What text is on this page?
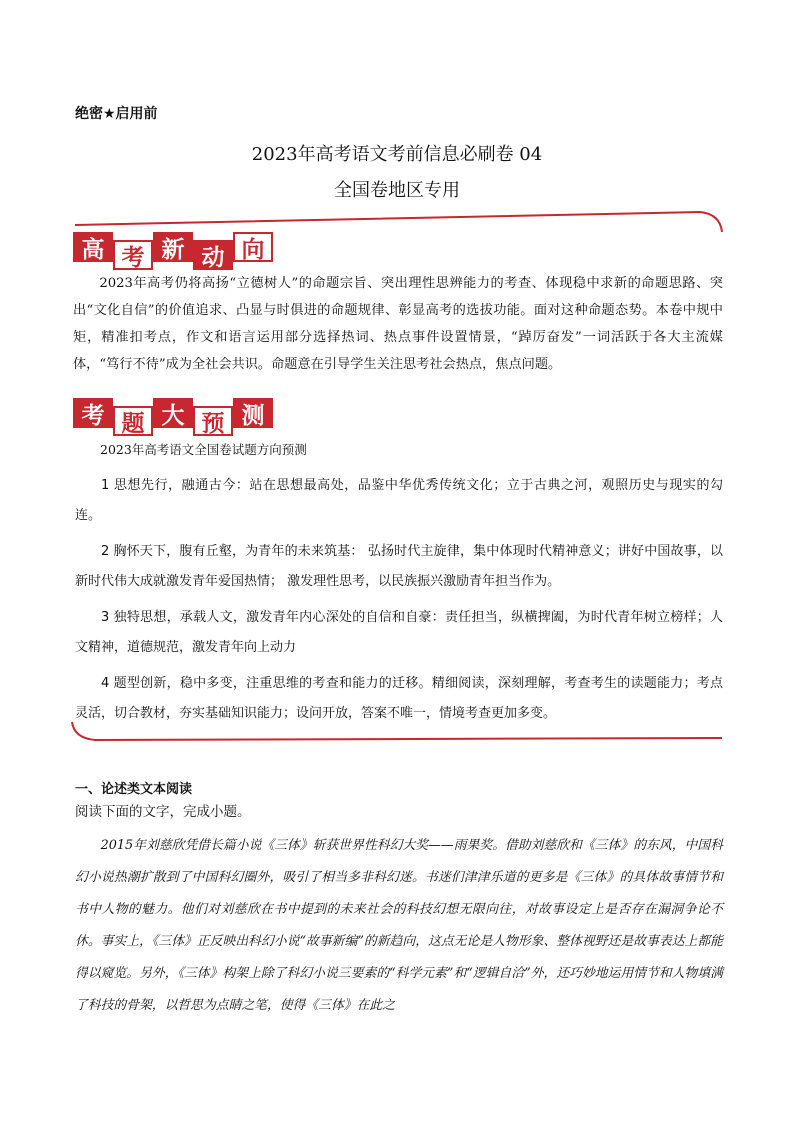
绝密★启用前
2023年高考语文考前信息必刷卷 04
全国卷地区专用
高 考 新 动 向

2023年高考仍将高扬“立德树人”的命题宗旨、突出理性思辨能力的考查、体现稳中求新的命题思路、突出“文化自信”的价值追求、凸显与时俱进的命题规律、彰显高考的选拔功能。面对这种命题态势。本卷中规中矩，精准扣考点，作文和语言运用部分选择热词、热点事件设置情景，“踔厉奋发”一词活跃于各大主流媒体，“笃行不待”成为全社会共识。命题意在引导学生关注思考社会热点，焦点问题。

考 题 大 预 测
2023年高考语文全国卷试题方向预测

1 思想先行，融通古今：站在思想最高处，品鉴中华优秀传统文化；立于古典之河，观照历史与现实的勾连。

2 胸怀天下，腹有丘壑，为青年的未来筑基： 弘扬时代主旋律，集中体现时代精神意义；讲好中国故事，以新时代伟大成就激发青年爱国热情； 激发理性思考，以民族振兴激励青年担当作为。

3 独特思想，承载人文，激发青年内心深处的自信和自豪：责任担当，纵横捭阖，为时代青年树立榜样；人文精神，道德规范，激发青年向上动力

4 题型创新，稳中多变，注重思维的考查和能力的迁移。精细阅读，深刻理解，考查考生的读题能力；考点灵活，切合教材，夯实基础知识能力；设问开放，答案不唯一，情境考查更加多变。

一、论述类文本阅读
阅读下面的文字，完成小题。

2015年刘慈欣凭借长篇小说《三体》斩获世界性科幻大奖——雨果奖。借助刘慈欣和《三体》的东风，中国科幻小说热潮扩散到了中国科幻圈外，吸引了相当多非科幻迷。书迷们津津乐道的更多是《三体》的具体故事情节和书中人物的魅力。他们对刘慈欣在书中提到的未来社会的科技幻想无限向往，对故事设定上是否存在漏洞争论不休。事实上，《三体》正反映出科幻小说“故事新编”的新趋向，这点无论是人物形象、整体视野还是故事表达上都能得以窥览。另外，《三体》构架上除了科幻小说三要素的“科学元素”和“逻辑自洽”外，还巧妙地运用情节和人物填满了科技的骨架，以哲思为点睛之笔，使得《三体》在此之
